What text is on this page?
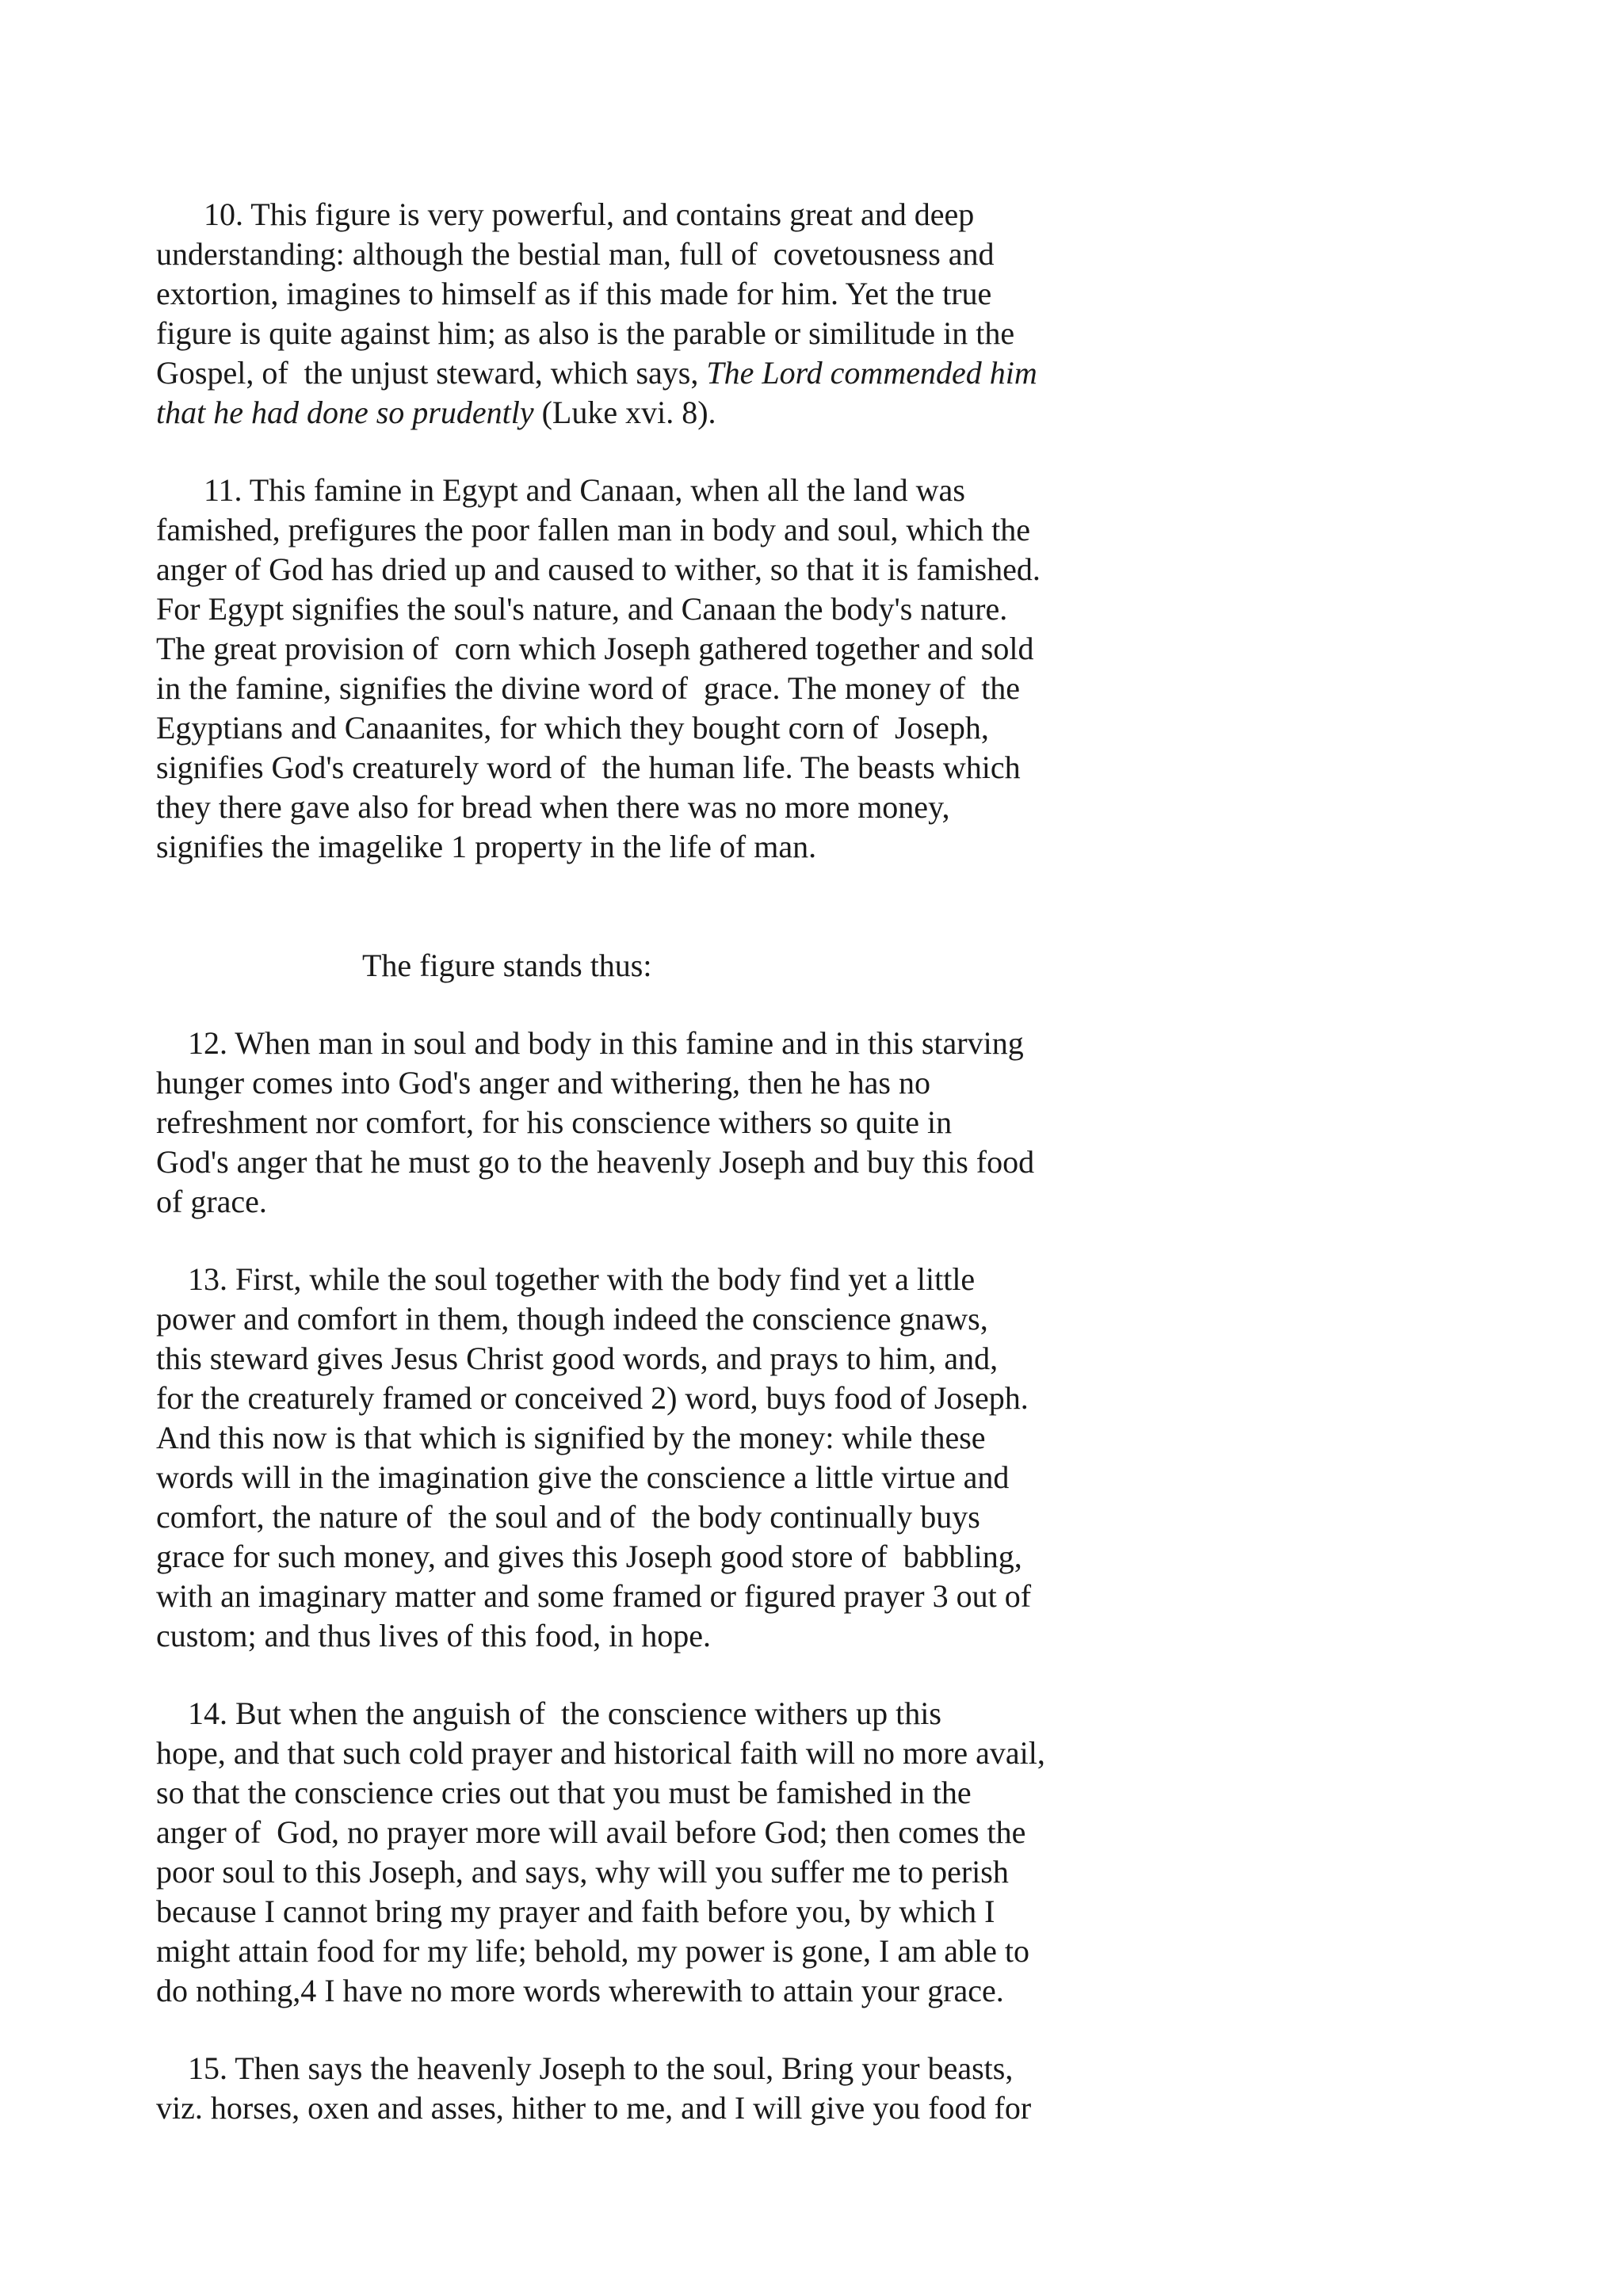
10. This figure is very powerful, and contains great and deep
understanding: although the bestial man, full of  covetousness and
extortion, imagines to himself as if this made for him. Yet the true
figure is quite against him; as also is the parable or similitude in the
Gospel, of  the unjust steward, which says, The Lord commended him
that he had done so prudently (Luke xvi. 8).
11. This famine in Egypt and Canaan, when all the land was
famished, prefigures the poor fallen man in body and soul, which the
anger of God has dried up and caused to wither, so that it is famished.
For Egypt signifies the soul's nature, and Canaan the body's nature.
The great provision of  corn which Joseph gathered together and sold
in the famine, signifies the divine word of  grace. The money of  the
Egyptians and Canaanites, for which they bought corn of  Joseph,
signifies God's creaturely word of  the human life. The beasts which
they there gave also for bread when there was no more money,
signifies the imagelike 1 property in the life of man.
The figure stands thus:
12. When man in soul and body in this famine and in this starving
hunger comes into God's anger and withering, then he has no
refreshment nor comfort, for his conscience withers so quite in
God's anger that he must go to the heavenly Joseph and buy this food
of grace.
13. First, while the soul together with the body find yet a little
power and comfort in them, though indeed the conscience gnaws,
this steward gives Jesus Christ good words, and prays to him, and,
for the creaturely framed or conceived 2) word, buys food of Joseph.
And this now is that which is signified by the money: while these
words will in the imagination give the conscience a little virtue and
comfort, the nature of  the soul and of  the body continually buys
grace for such money, and gives this Joseph good store of  babbling,
with an imaginary matter and some framed or figured prayer 3 out of
custom; and thus lives of this food, in hope.
14. But when the anguish of  the conscience withers up this
hope, and that such cold prayer and historical faith will no more avail,
so that the conscience cries out that you must be famished in the
anger of  God, no prayer more will avail before God; then comes the
poor soul to this Joseph, and says, why will you suffer me to perish
because I cannot bring my prayer and faith before you, by which I
might attain food for my life; behold, my power is gone, I am able to
do nothing,4 I have no more words wherewith to attain your grace.
15. Then says the heavenly Joseph to the soul, Bring your beasts,
viz. horses, oxen and asses, hither to me, and I will give you food for
